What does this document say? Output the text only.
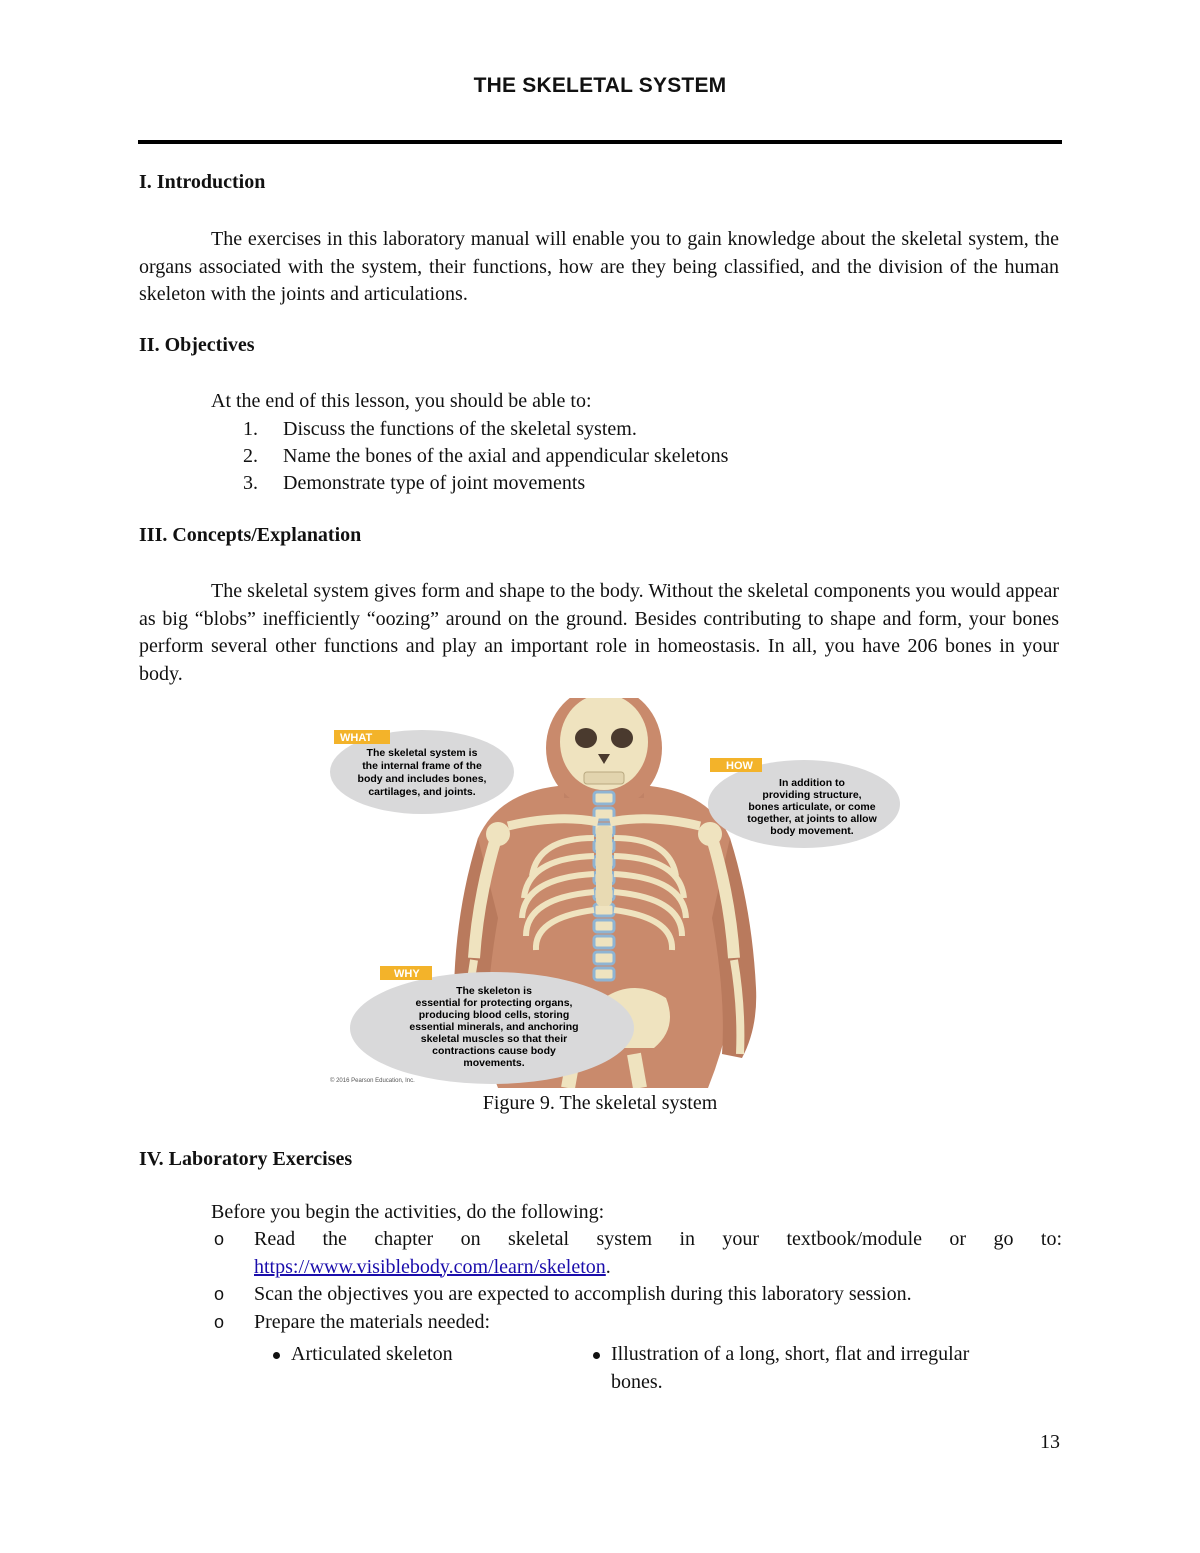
THE SKELETAL SYSTEM
I. Introduction
The exercises in this laboratory manual will enable you to gain knowledge about the skeletal system, the organs associated with the system, their functions, how are they being classified, and the division of the human skeleton with the joints and articulations.
II. Objectives
At the end of this lesson, you should be able to:
1. Discuss the functions of the skeletal system.
2. Name the bones of the axial and appendicular skeletons
3. Demonstrate type of joint movements
III. Concepts/Explanation
The skeletal system gives form and shape to the body. Without the skeletal components you would appear as big “blobs” inefficiently “oozing” around on the ground. Besides contributing to shape and form, your bones perform several other functions and play an important role in homeostasis. In all, you have 206 bones in your body.
WHAT
The skeletal system is
the internal frame of the
body and includes bones,
cartilages, and joints.
HOW
In addition to
providing structure,
bones articulate, or come
together, at joints to allow
body movement.
WHY
The skeleton is
essential for protecting organs,
producing blood cells, storing
essential minerals, and anchoring
skeletal muscles so that their
contractions cause body
movements.
© 2016 Pearson Education, Inc.
Figure 9. The skeletal system
IV. Laboratory Exercises
Before you begin the activities, do the following:
o Read the chapter on skeletal system in your textbook/module or go to:
https://www.visiblebody.com/learn/skeleton.
o Scan the objectives you are expected to accomplish during this laboratory session.
o Prepare the materials needed:
Articulated skeleton	Illustration of a long, short, flat and irregular bones.
13
